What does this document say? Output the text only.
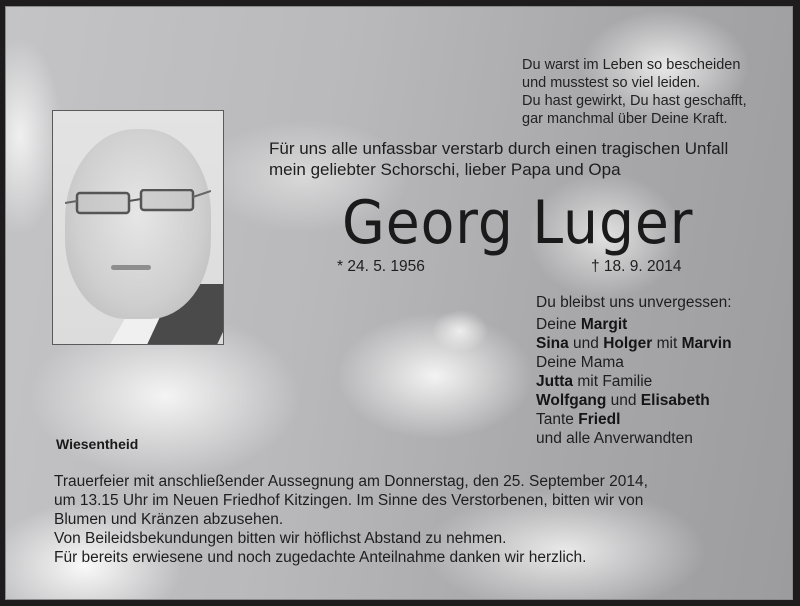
Du warst im Leben so bescheiden
und musstest so viel leiden.
Du hast gewirkt, Du hast geschafft,
gar manchmal über Deine Kraft.
Für uns alle unfassbar verstarb durch einen tragischen Unfall
mein geliebter Schorschi, lieber Papa und Opa
Georg Luger
* 24. 5. 1956	† 18. 9. 2014
Du bleibst uns unvergessen:
Deine Margit
Sina und Holger mit Marvin
Deine Mama
Jutta mit Familie
Wolfgang und Elisabeth
Tante Friedl
und alle Anverwandten
Wiesentheid
Trauerfeier mit anschließender Aussegnung am Donnerstag, den 25. September 2014,
um 13.15 Uhr im Neuen Friedhof Kitzingen. Im Sinne des Verstorbenen, bitten wir von
Blumen und Kränzen abzusehen.
Von Beileidsbekundungen bitten wir höflichst Abstand zu nehmen.
Für bereits erwiesene und noch zugedachte Anteilnahme danken wir herzlich.
